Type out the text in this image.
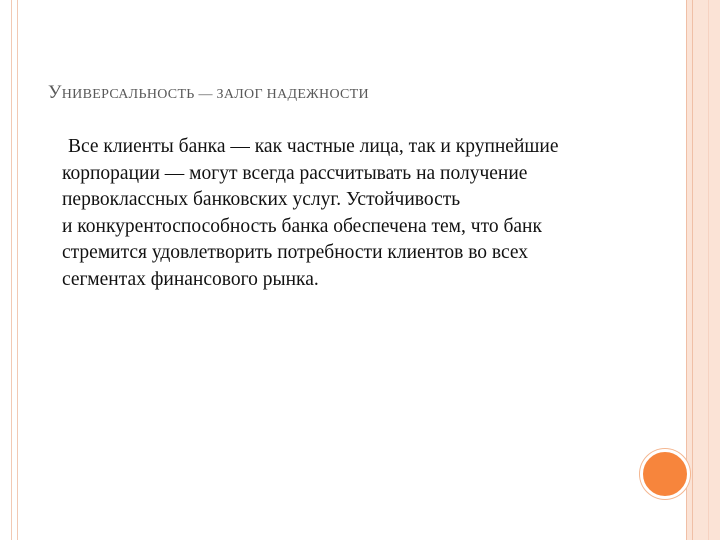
УНИВЕРСАЛЬНОСТЬ — ЗАЛОГ НАДЕЖНОСТИ
Все клиенты банка — как частные лица, так и крупнейшие
корпорации — могут всегда рассчитывать на получение
первоклассных банковских услуг. Устойчивость
и конкурентоспособность банка обеспечена тем, что банк
стремится удовлетворить потребности клиентов во всех
сегментах финансового рынка.
